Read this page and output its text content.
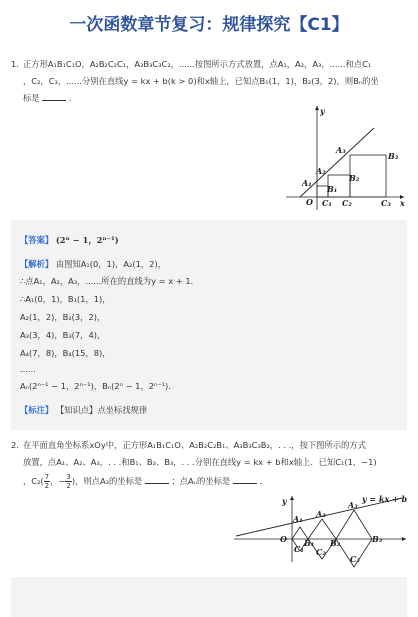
一次函数章节复习：规律探究【C1】
1. 正方形A₁B₁C₁O，A₂B₂C₂C₁，A₃B₃C₃C₂，......按图所示方式放置，点A₁，A₂，A₃，......和点C₁
，C₂，C₃，......分别在直线y = kx + b(k > 0)和x轴上，已知点B₁(1，1)，B₂(3，2)，则Bₙ的坐
标是	．
y
x
O
A₁
A₂
A₃
B₁
B₂
B₃
C₁ C₂	C₃
【答案】 (2ⁿ − 1，2ⁿ⁻¹)
【解析】 由图知A₁(0，1)，A₂(1，2)，
∴点A₁，A₂，A₃，......所在的直线为y = x + 1．
∴A₁(0，1)，B₁(1，1)，
A₂(1，2)，B₂(3，2)，
A₃(3，4)，B₃(7，4)，
A₄(7，8)，B₄(15，8)，
......
Aₙ(2ⁿ⁻¹ − 1，2ⁿ⁻¹)，Bₙ(2ⁿ − 1，2ⁿ⁻¹)．
【标注】 【知识点】点坐标找规律
2. 在平面直角坐标系xOy中，正方形A₁B₁C₁O、A₂B₂C₂B₁、A₃B₃C₃B₂，. . .，按下图所示的方式
放置，点A₁、A₂、A₃，. . .和B₁、B₂、B₃，. . .分别在直线y = kx + b和x轴上．已知C₁(1，−1)
，$C_2( \frac{7}{2}$ ，− $\frac{3}{2}$ )，则点A₃的坐标是	；点Aₙ的坐标是	．
y	y = kx + b
O
A₁ A₂
A₃
B₁ B₂	B₃
C₁ C₂
C₃
